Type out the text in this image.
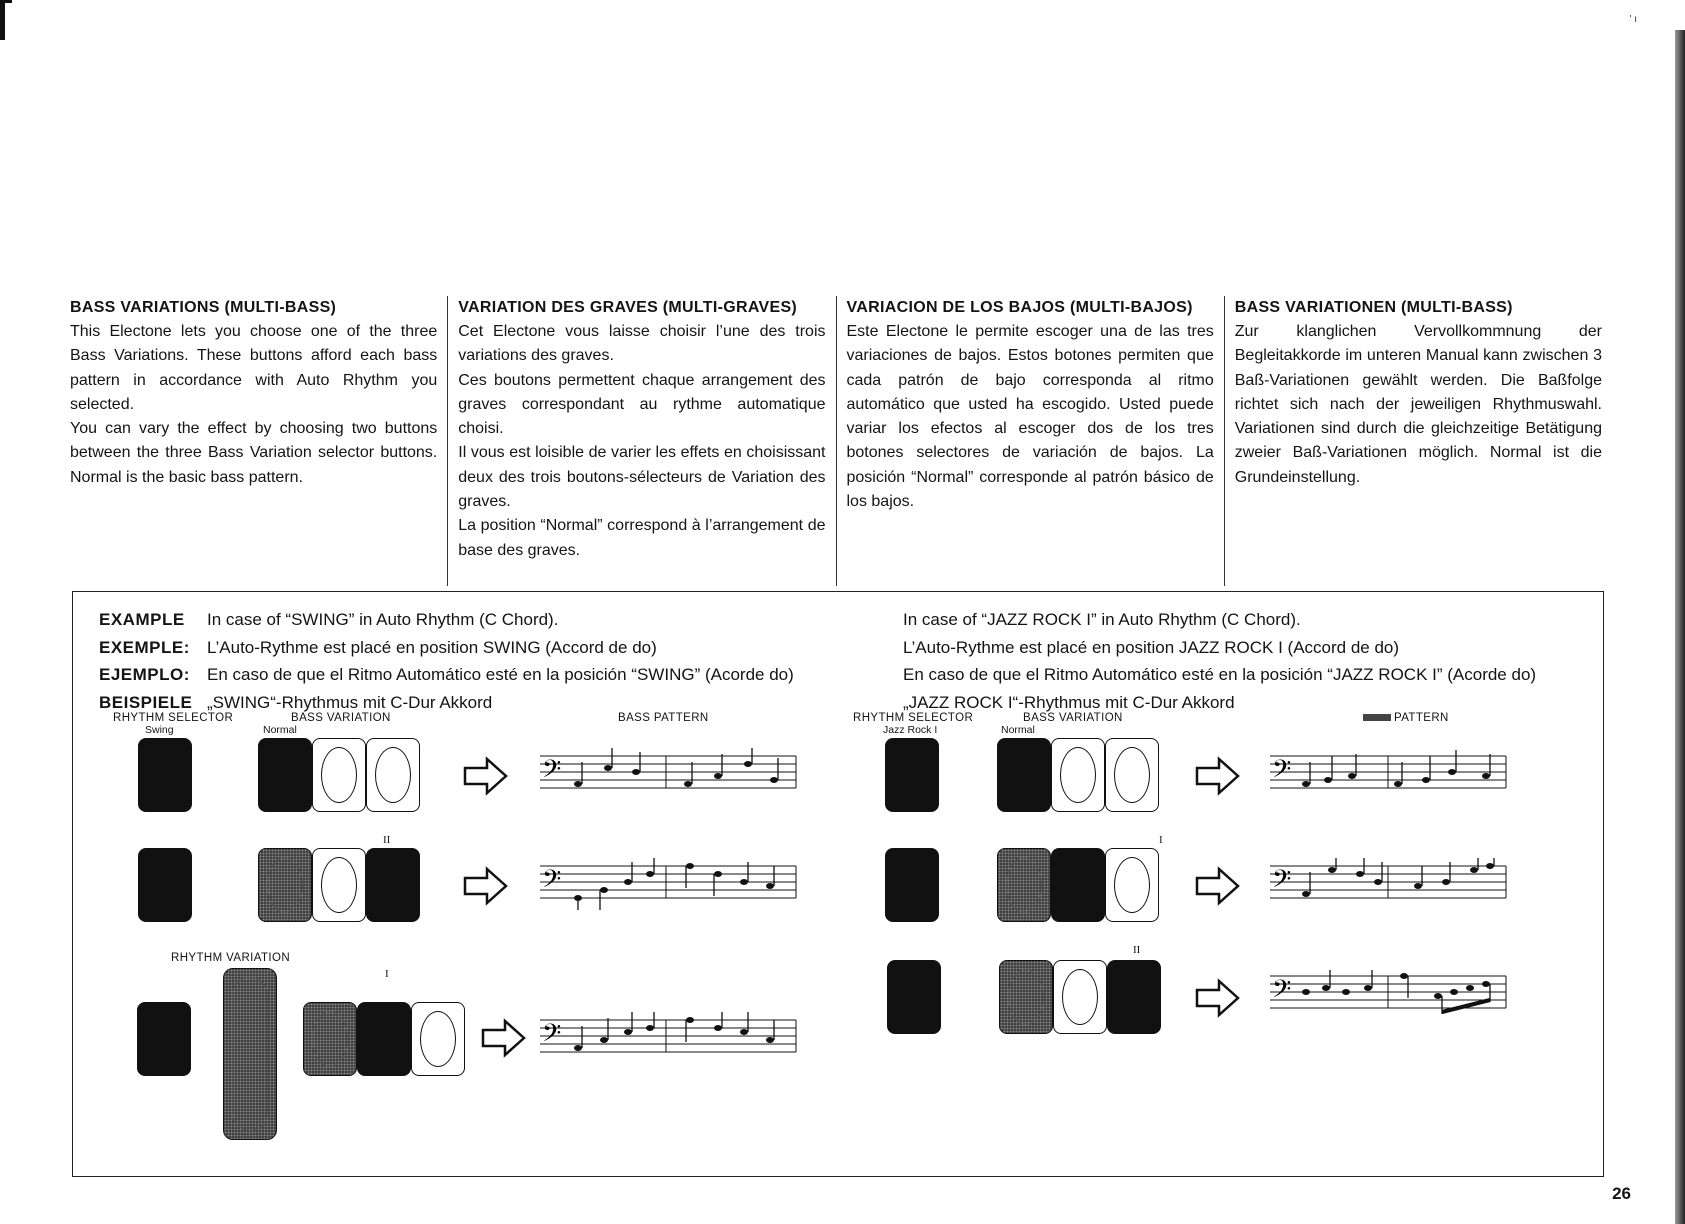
' ı
BASS VARIATIONS (MULTI-BASS)

This Electone lets you choose one of the three Bass Variations. These buttons afford each bass pattern in accordance with Auto Rhythm you selected.

You can vary the effect by choosing two buttons between the three Bass Variation selector buttons. Normal is the basic bass pattern.

VARIATION DES GRAVES (MULTI-GRAVES)

Cet Electone vous laisse choisir l’une des trois variations des graves.

Ces boutons permettent chaque arrangement des graves correspondant au rythme automatique choisi.

Il vous est loisible de varier les effets en choisissant deux des trois boutons-sélecteurs de Variation des graves.

La position “Normal” correspond à l’arrangement de base des graves.

VARIACION DE LOS BAJOS (MULTI-BAJOS)

Este Electone le permite escoger una de las tres variaciones de bajos. Estos botones permiten que cada patrón de bajo corresponda al ritmo automático que usted ha escogido. Usted puede variar los efectos al escoger dos de los tres botones selectores de variación de bajos. La posición “Normal” corresponde al patrón básico de los bajos.

BASS VARIATIONEN (MULTI-BASS)

Zur klanglichen Vervollkommnung der Begleitakkorde im unteren Manual kann zwischen 3 Baß-Variationen gewählt werden. Die Baßfolge richtet sich nach der jeweiligen Rhythmuswahl. Variationen sind durch die gleichzeitige Betätigung zweier Baß-Variationen möglich. Normal ist die Grundeinstellung.

EXAMPLE In case of “SWING” in Auto Rhythm (C Chord).
EXEMPLE: L’Auto-Rythme est placé en position SWING (Accord de do)
EJEMPLO: En caso de que el Ritmo Automático esté en la posición “SWING” (Acorde do)
BEISPIELE „SWING“-Rhythmus mit C-Dur Akkord
In case of “JAZZ ROCK I” in Auto Rhythm (C Chord).
L’Auto-Rythme est placé en position JAZZ ROCK I (Accord de do)
En caso de que el Ritmo Automático esté en la posición “JAZZ ROCK I” (Acorde do)
„JAZZ ROCK I“-Rhythmus mit C-Dur Akkord
RHYTHM SELECTOR
Swing
BASS VARIATION
Normal
BASS PATTERN
𝄢
II
𝄢
RHYTHM VARIATION
I
𝄢
RHYTHM SELECTOR
Jazz Rock I
BASS VARIATION
Normal
PATTERN
𝄢
I
𝄢
II
𝄢
26
